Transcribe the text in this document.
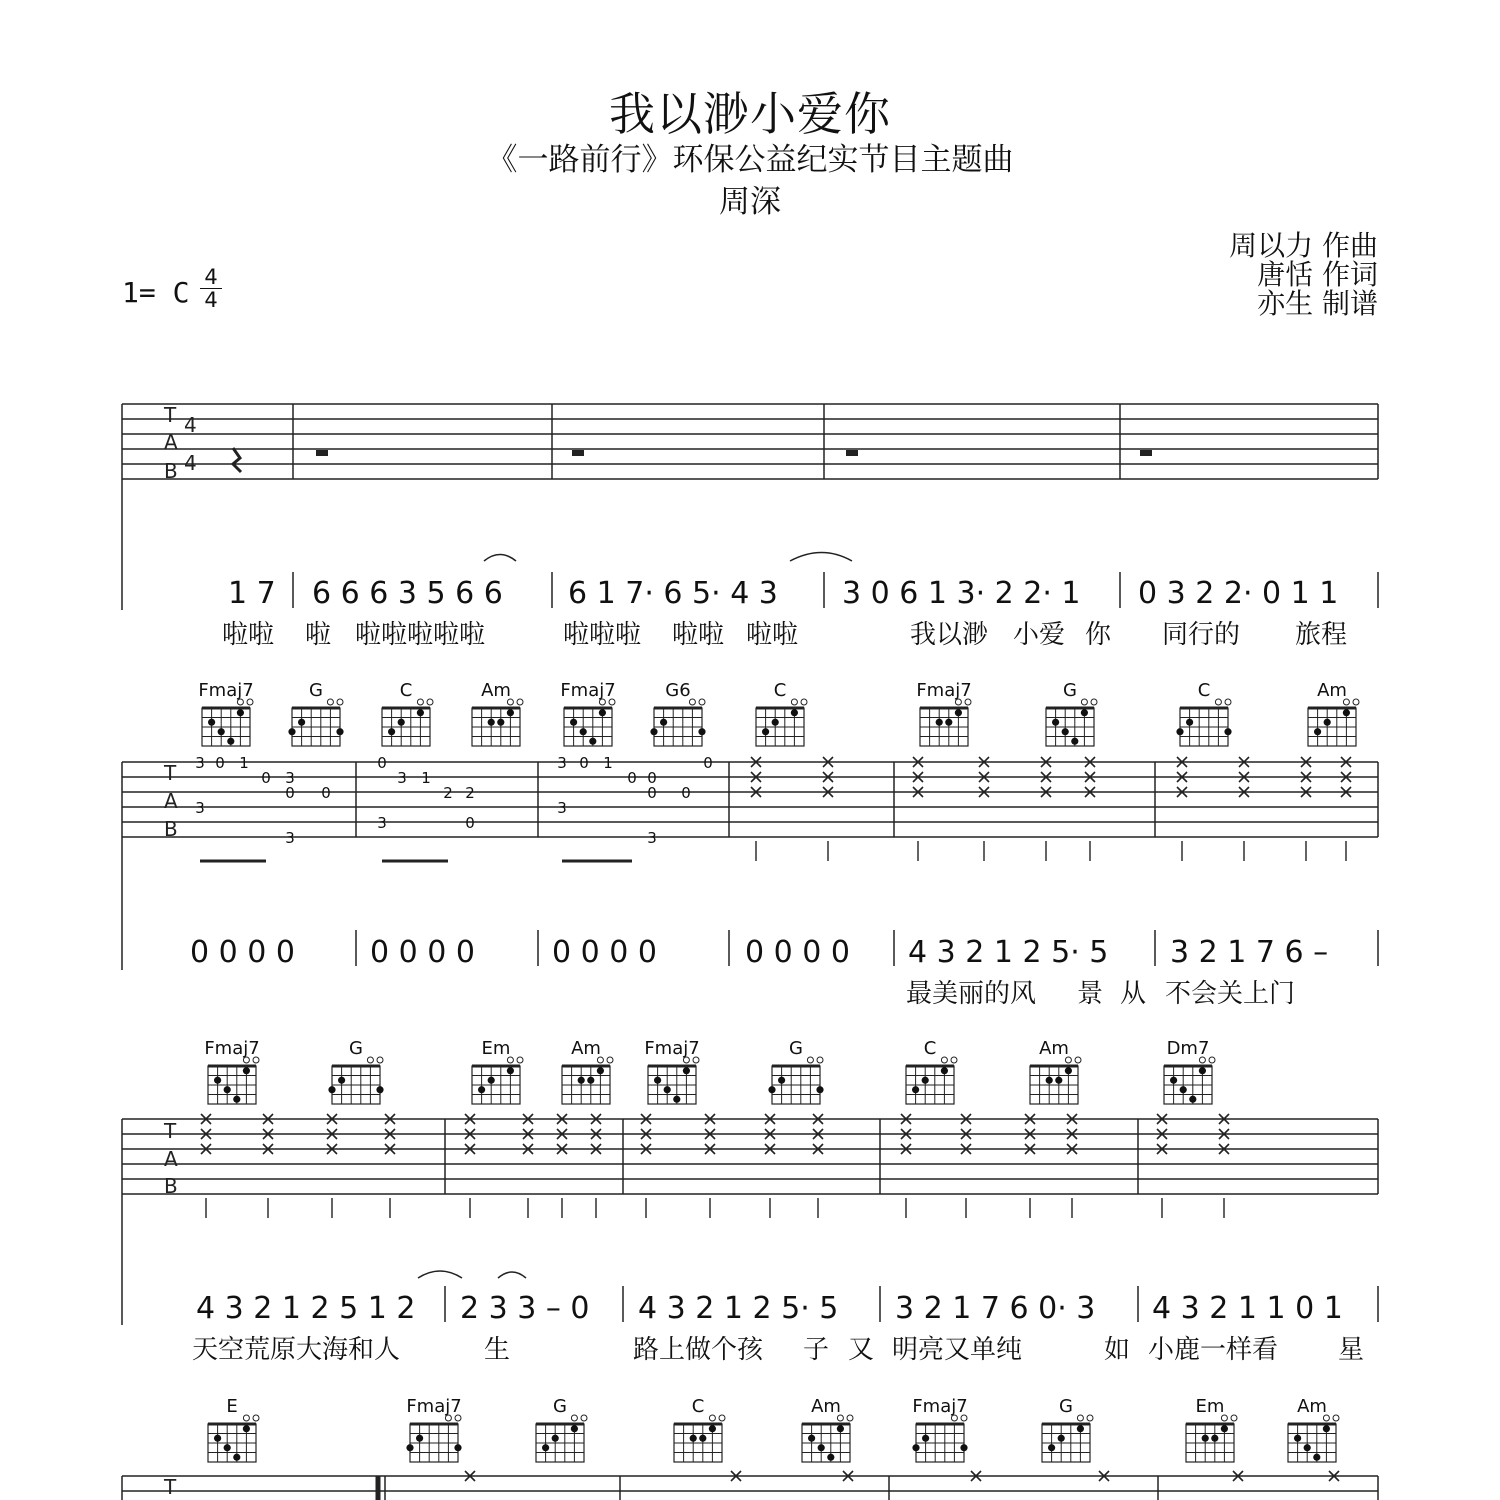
我以渺小爱你
《一路前行》环保公益纪实节目主题曲
周深
周以力 作曲
唐恬 作词
亦生 制谱
1= C 4
4
T
A
B
4
4
1 7 6 6 6 3 5 6 6 6 1 7· 6 5· 4 3 3 0 6 1 3· 2 2· 1 0 3 2 2· 0 1 1
啦啦 啦 啦啦啦啦啦	啦啦啦 啦啦 啦啦	我以渺 小爱 你 同行的 旅程
Fmaj7	G	C	Am	Fmaj7	G6	C	Fmaj7	G	C	Am
T
A
B
3 0 1
0 3
0 0
3
3
0
3 1
2 2
3	0
3 0 1
0 0
0 0
0
3
3
0 0 0 0	0 0 0 0	0 0 0 0	0 0 0 0 4 3 2 1 2 5· 5 3 2 1 7 6 –
最美丽的风 景 从 不会关上门
Fmaj7	G	Em	Am Fmaj7	G	C	Am	Dm7
T
A
B
4 3 2 1 2 5 1 2 2 3 3 – 0 4 3 2 1 2 5· 5 3 2 1 7 6 0· 3 4 3 2 1 1 0 1
天空荒原大海和人	生	路上做个孩 子 又 明亮又单纯	如 小鹿一样看 星
E	Fmaj7	G	C	Am	Fmaj7	G	Em	Am
T
